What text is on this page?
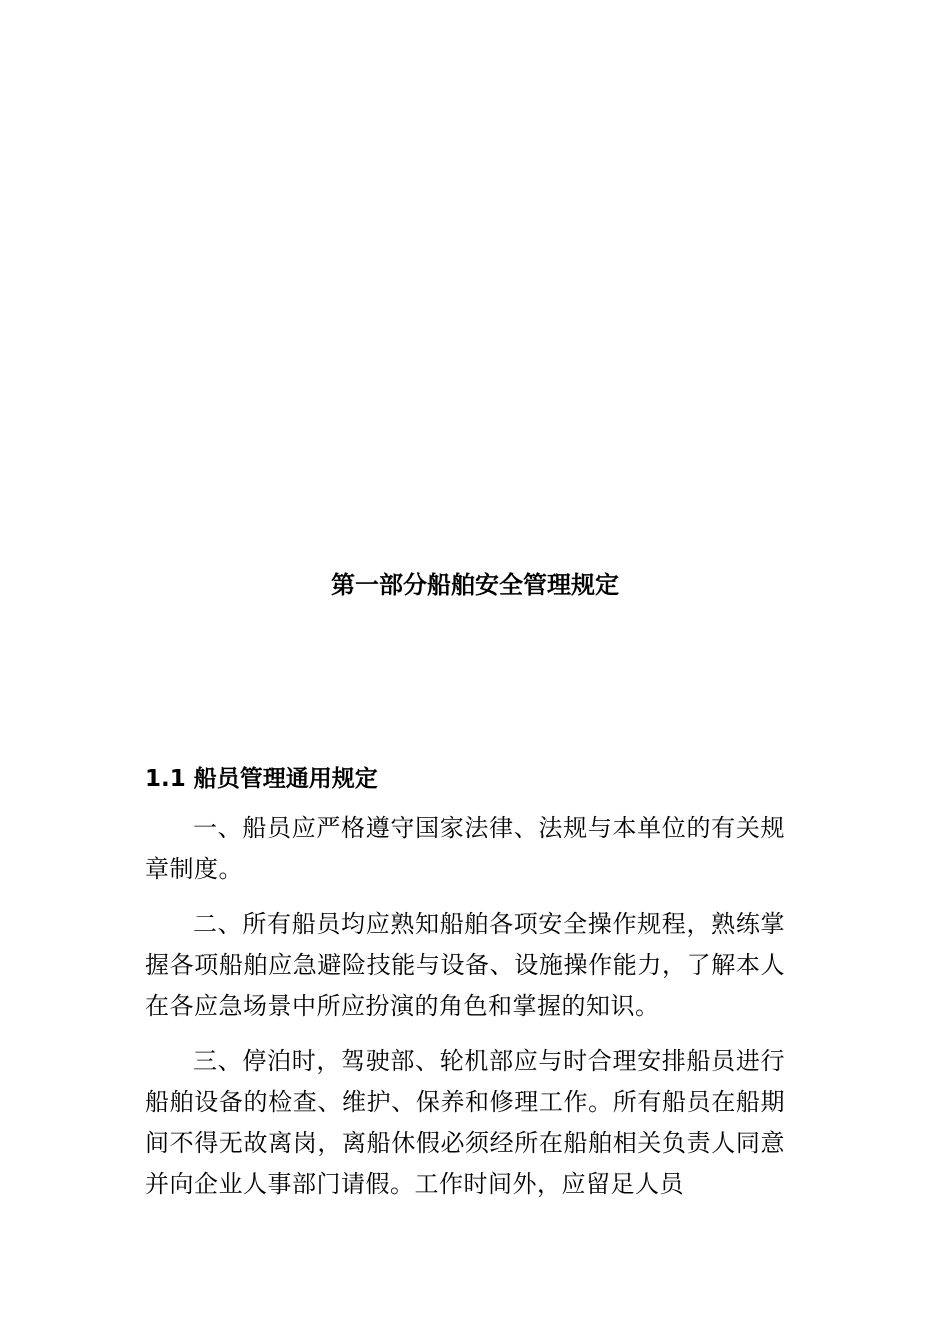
第一部分船舶安全管理规定
1.1 船员管理通用规定

一、船员应严格遵守国家法律、法规与本单位的有关规章制度。

二、所有船员均应熟知船舶各项安全操作规程，熟练掌握各项船舶应急避险技能与设备、设施操作能力，了解本人在各应急场景中所应扮演的角色和掌握的知识。

三、停泊时，驾驶部、轮机部应与时合理安排船员进行船舶设备的检查、维护、保养和修理工作。所有船员在船期间不得无故离岗，离船休假必须经所在船舶相关负责人同意并向企业人事部门请假。工作时间外，应留足人员
